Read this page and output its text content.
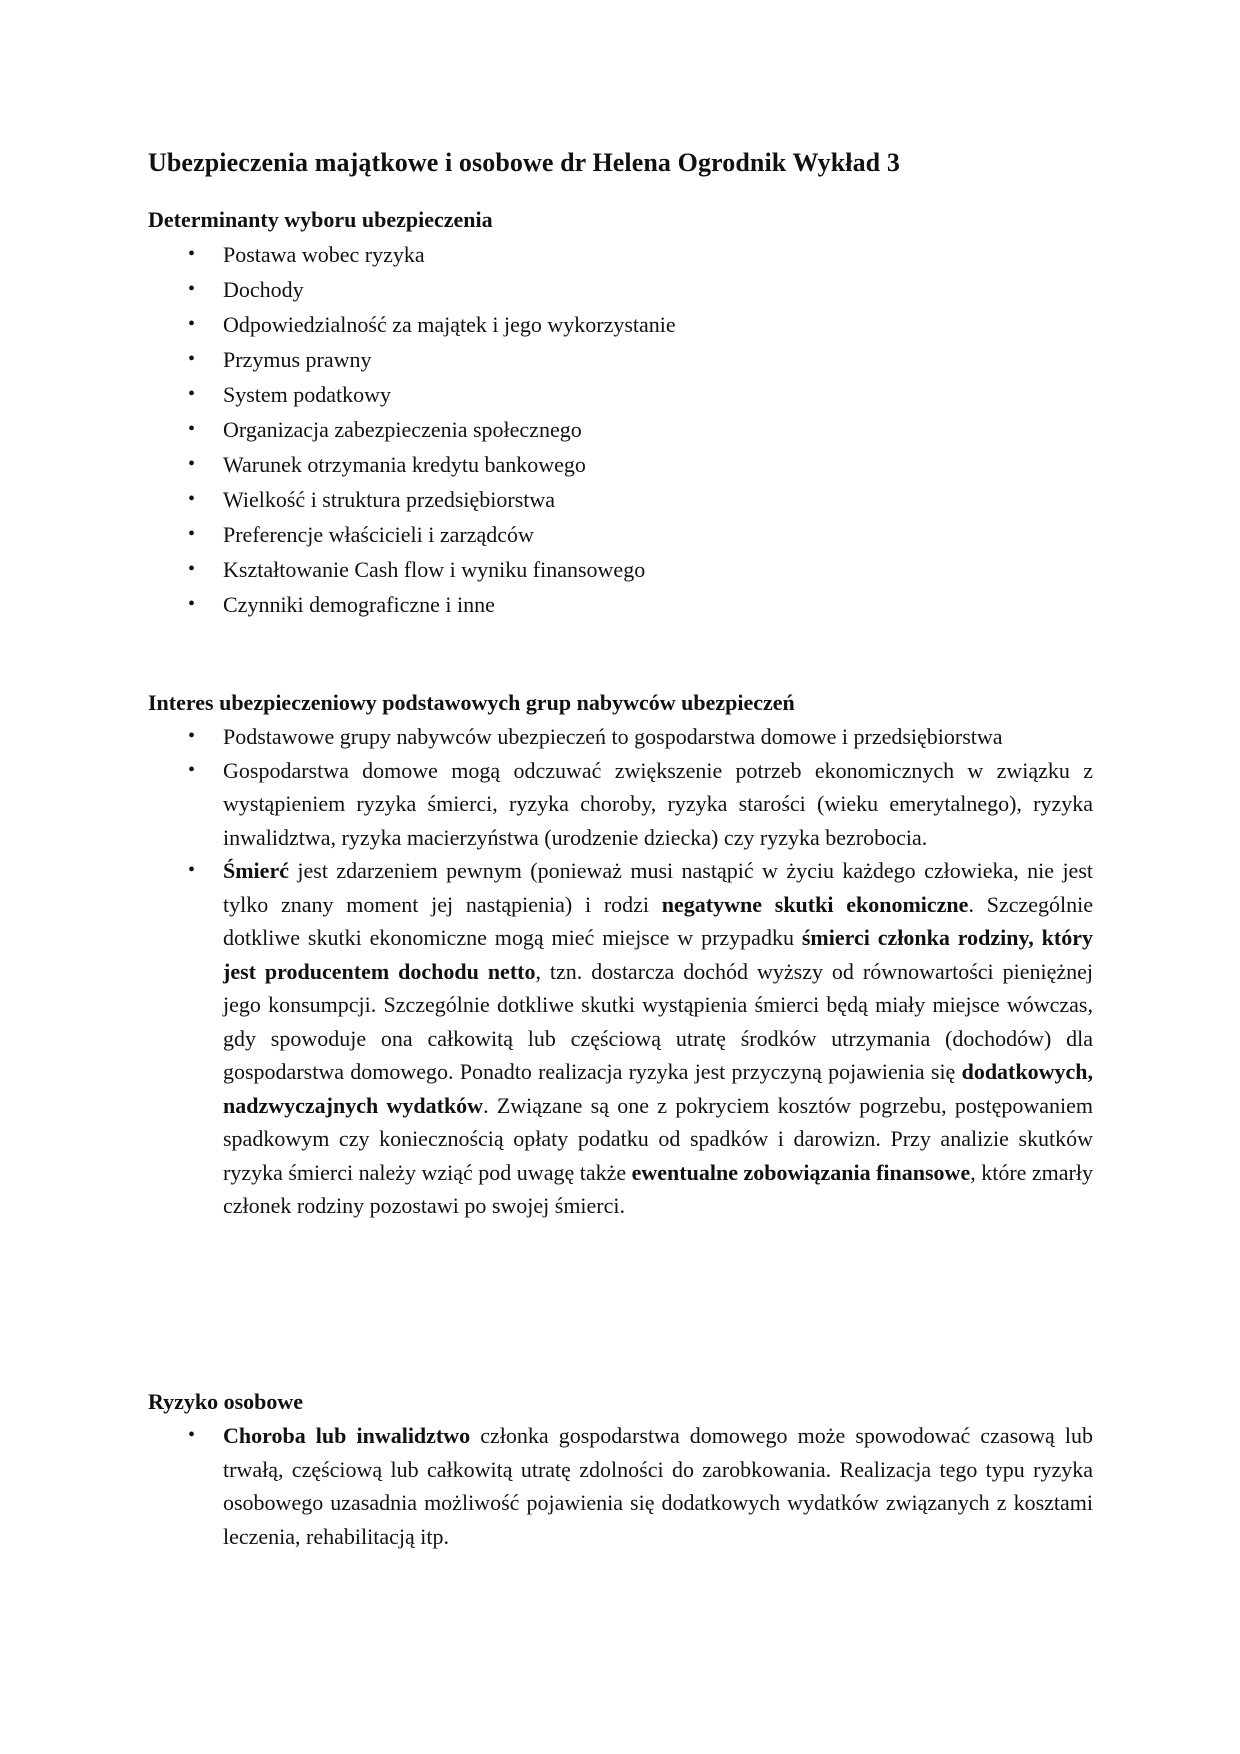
Ubezpieczenia majątkowe i osobowe dr Helena Ogrodnik Wykład 3
Determinanty wyboru ubezpieczenia
• Postawa wobec ryzyka
• Dochody
• Odpowiedzialność za majątek i jego wykorzystanie
• Przymus prawny
• System podatkowy
• Organizacja zabezpieczenia społecznego
• Warunek otrzymania kredytu bankowego
• Wielkość i struktura przedsiębiorstwa
• Preferencje właścicieli i zarządców
• Kształtowanie Cash flow i wyniku finansowego
• Czynniki demograficzne i inne
Interes ubezpieczeniowy podstawowych grup nabywców ubezpieczeń
• Podstawowe grupy nabywców ubezpieczeń to gospodarstwa domowe i przedsiębiorstwa
• Gospodarstwa domowe mogą odczuwać zwiększenie potrzeb ekonomicznych w związku z wystąpieniem ryzyka śmierci, ryzyka choroby, ryzyka starości (wieku emerytalnego), ryzyka inwalidztwa, ryzyka macierzyństwa (urodzenie dziecka) czy ryzyka bezrobocia.
• Śmierć jest zdarzeniem pewnym (ponieważ musi nastąpić w życiu każdego człowieka, nie jest tylko znany moment jej nastąpienia) i rodzi negatywne skutki ekonomiczne. Szczególnie dotkliwe skutki ekonomiczne mogą mieć miejsce w przypadku śmierci członka rodziny, który jest producentem dochodu netto, tzn. dostarcza dochód wyższy od równowartości pieniężnej jego konsumpcji. Szczególnie dotkliwe skutki wystąpienia śmierci będą miały miejsce wówczas, gdy spowoduje ona całkowitą lub częściową utratę środków utrzymania (dochodów) dla gospodarstwa domowego. Ponadto realizacja ryzyka jest przyczyną pojawienia się dodatkowych, nadzwyczajnych wydatków. Związane są one z pokryciem kosztów pogrzebu, postępowaniem spadkowym czy koniecznością opłaty podatku od spadków i darowizn. Przy analizie skutków ryzyka śmierci należy wziąć pod uwagę także ewentualne zobowiązania finansowe, które zmarły członek rodziny pozostawi po swojej śmierci.
Ryzyko osobowe
• Choroba lub inwalidztwo członka gospodarstwa domowego może spowodować czasową lub trwałą, częściową lub całkowitą utratę zdolności do zarobkowania. Realizacja tego typu ryzyka osobowego uzasadnia możliwość pojawienia się dodatkowych wydatków związanych z kosztami leczenia, rehabilitacją itp.
